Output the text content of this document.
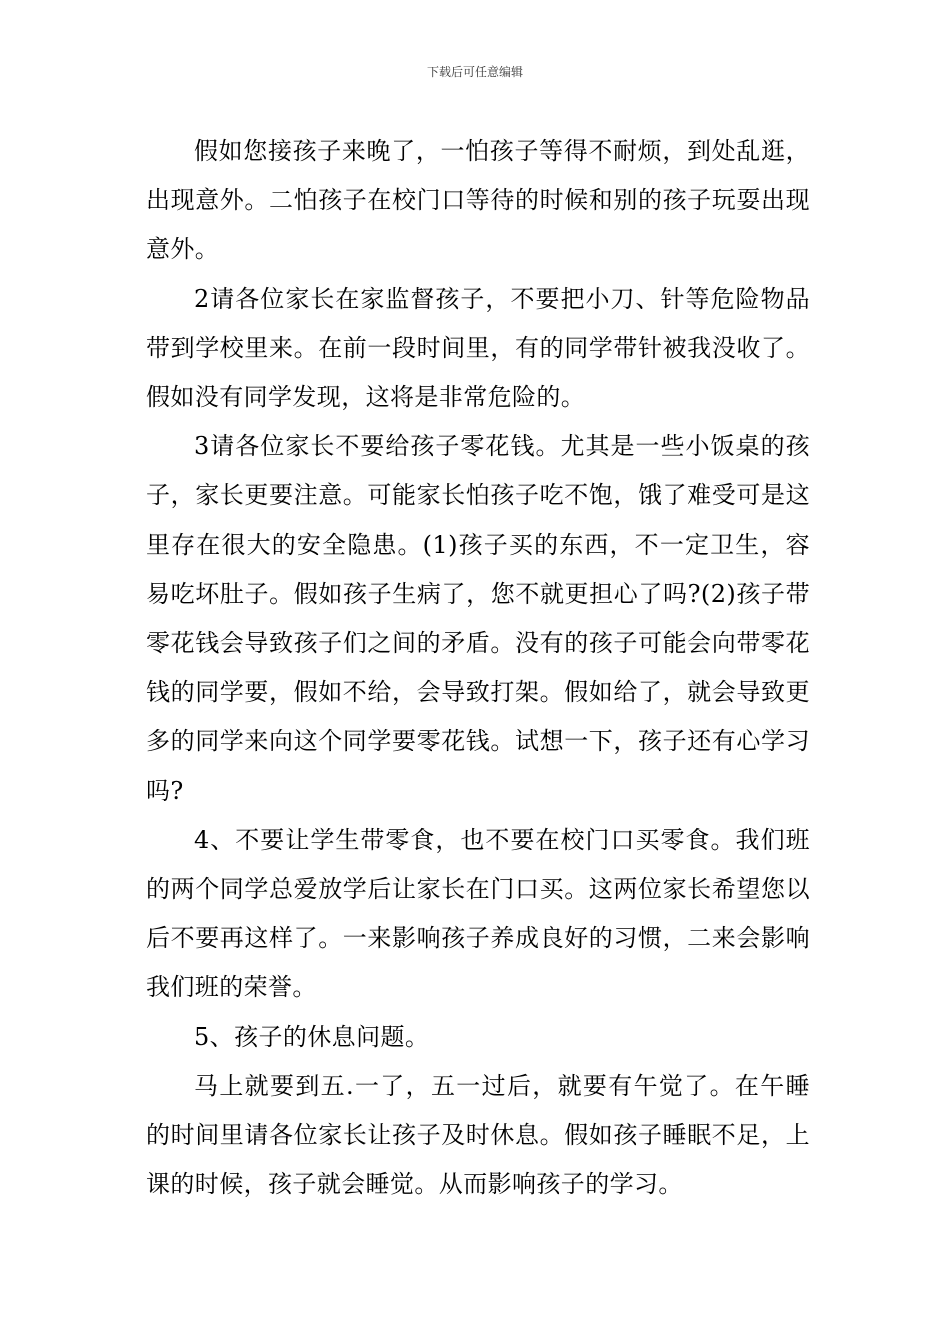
下载后可任意编辑

假如您接孩子来晚了，一怕孩子等得不耐烦，到处乱逛，出现意外。二怕孩子在校门口等待的时候和别的孩子玩耍出现意外。

2请各位家长在家监督孩子，不要把小刀、针等危险物品带到学校里来。在前一段时间里，有的同学带针被我没收了。假如没有同学发现，这将是非常危险的。

3请各位家长不要给孩子零花钱。尤其是一些小饭桌的孩子，家长更要注意。可能家长怕孩子吃不饱，饿了难受可是这里存在很大的安全隐患。(1)孩子买的东西，不一定卫生，容易吃坏肚子。假如孩子生病了，您不就更担心了吗?(2)孩子带零花钱会导致孩子们之间的矛盾。没有的孩子可能会向带零花钱的同学要，假如不给，会导致打架。假如给了，就会导致更多的同学来向这个同学要零花钱。试想一下，孩子还有心学习吗?

4、不要让学生带零食，也不要在校门口买零食。我们班的两个同学总爱放学后让家长在门口买。这两位家长希望您以后不要再这样了。一来影响孩子养成良好的习惯，二来会影响我们班的荣誉。

5、孩子的休息问题。

马上就要到五.一了，五一过后，就要有午觉了。在午睡的时间里请各位家长让孩子及时休息。假如孩子睡眠不足，上课的时候，孩子就会睡觉。从而影响孩子的学习。
